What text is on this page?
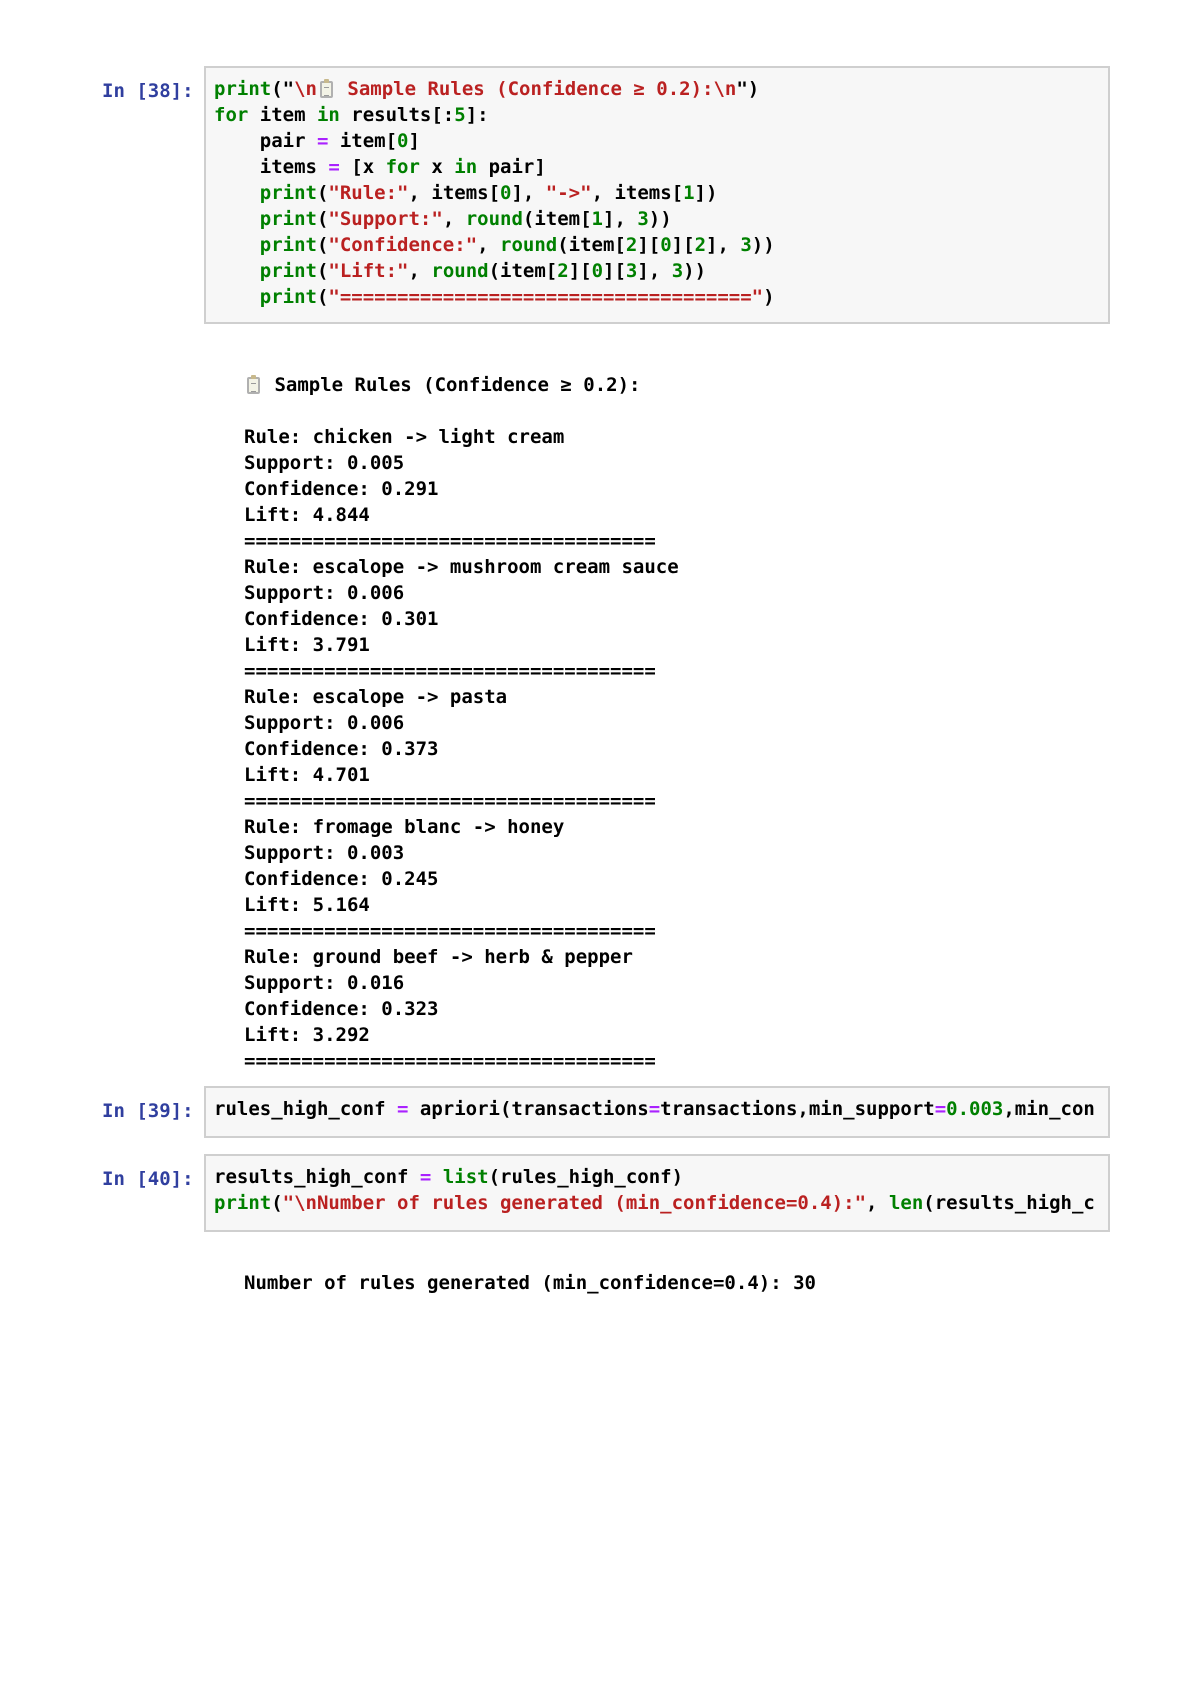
In [38]: print("\n Sample Rules (Confidence ≥ 0.2):\n")
for item in results[:5]:
pair = item[0]
items = [x for x in pair]
print("Rule:", items[0], "->", items[1])
print("Support:", round(item[1], 3))
print("Confidence:", round(item[2][0][2], 3))
print("Lift:", round(item[2][0][3], 3))
print("====================================")
Sample Rules (Confidence ≥ 0.2):
Rule: chicken -> light cream
Support: 0.005
Confidence: 0.291
Lift: 4.844
====================================
Rule: escalope -> mushroom cream sauce
Support: 0.006
Confidence: 0.301
Lift: 3.791
====================================
Rule: escalope -> pasta
Support: 0.006
Confidence: 0.373
Lift: 4.701
====================================
Rule: fromage blanc -> honey
Support: 0.003
Confidence: 0.245
Lift: 5.164
====================================
Rule: ground beef -> herb & pepper
Support: 0.016
Confidence: 0.323
Lift: 3.292
====================================
In [39]: rules_high_conf = apriori(transactions=transactions,min_support=0.003,min_con
In [40]: results_high_conf = list(rules_high_conf)
print("\nNumber of rules generated (min_confidence=0.4):", len(results_high_c
Number of rules generated (min_confidence=0.4): 30
